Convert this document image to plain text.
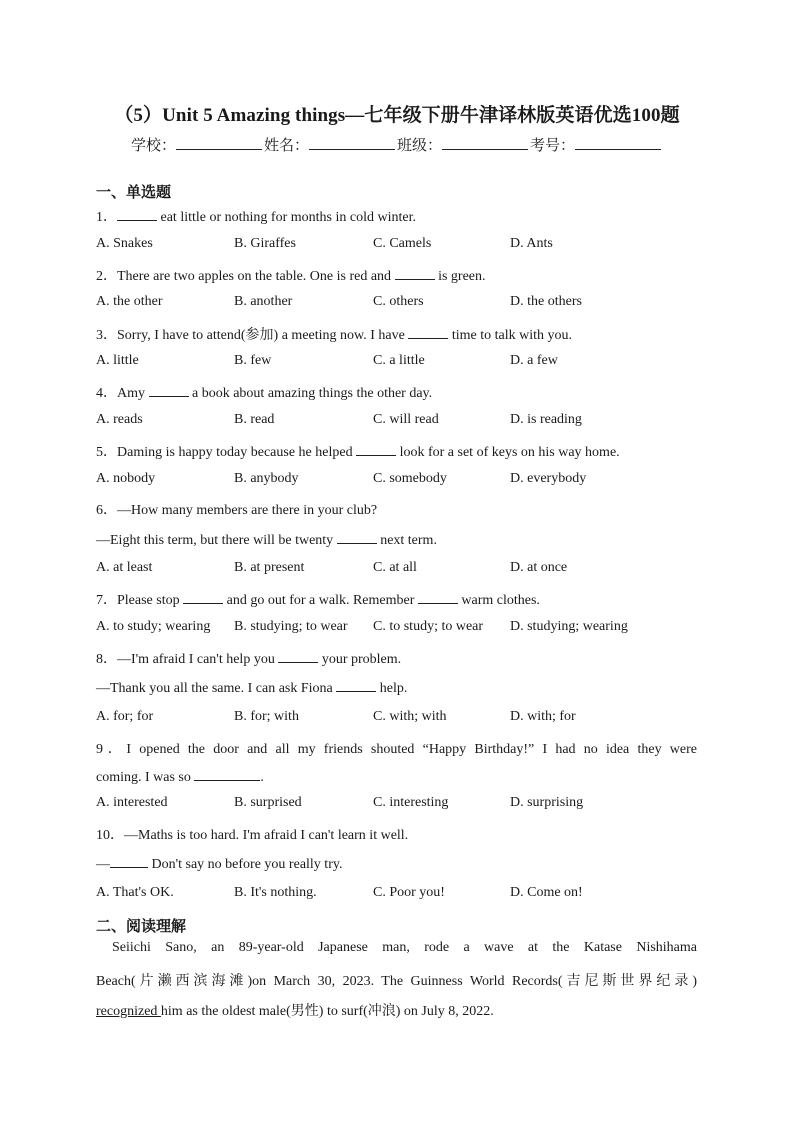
（5）Unit 5 Amazing things—七年级下册牛津译林版英语优选100题
学校：	姓名：	班级：	考号：
一、单选题
1．	eat little or nothing for months in cold winter.
A. Snakes	B. Giraffes	C. Camels	D. Ants
2．There are two apples on the table. One is red and	is green.
A. the other	B. another	C. others	D. the others
3．Sorry, I have to attend(参加) a meeting now. I have	time to talk with you.
A. little	B. few	C. a little	D. a few
4．Amy	a book about amazing things the other day.
A. reads	B. read	C. will read	D. is reading
5．Daming is happy today because he helped	look for a set of keys on his way home.
A. nobody	B. anybody	C. somebody	D. everybody
6．—How many members are there in your club?
—Eight this term, but there will be twenty	next term.
A. at least	B. at present	C. at all	D. at once
7．Please stop	and go out for a walk. Remember	warm clothes.
A. to study; wearing B. studying; to wear C. to study; to wear D. studying; wearing
8．—I'm afraid I can't help you	your problem.
—Thank you all the same. I can ask Fiona	help.
A. for; for	B. for; with	C. with; with	D. with; for
9．I opened the door and all my friends shouted “Happy Birthday!” I had no idea they were
coming. I was so	.
A. interested	B. surprised	C. interesting	D. surprising
10．—Maths is too hard. I'm afraid I can't learn it well.
—	Don't say no before you really try.
A. That's OK.	B. It's nothing.	C. Poor you!	D. Come on!
二、阅读理解
Seiichi Sano, an 89-year-old Japanese man, rode a wave at the Katase Nishihama
Beach(片濑西滨海滩)on March 30, 2023. The Guinness World Records(吉尼斯世界纪录)
recognized him as the oldest male(男性) to surf(冲浪) on July 8, 2022.
